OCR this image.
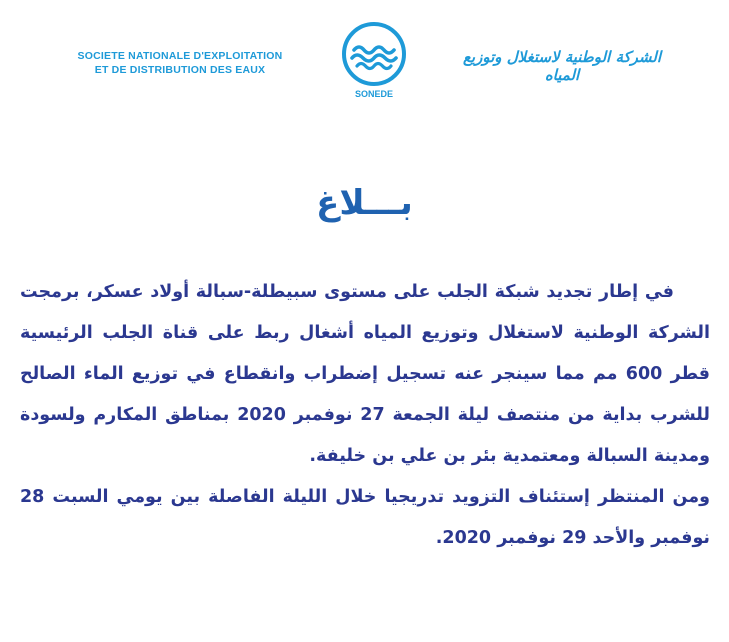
SOCIETE NATIONALE D'EXPLOITATION
ET DE DISTRIBUTION DES EAUX
SONEDE
الشركة الوطنية لاستغلال وتوزيع المياه
بـــلاغ

في إطار تجديد شبكة الجلب على مستوى سبيطلة-سبالة أولاد عسكر، برمجت الشركة الوطنية لاستغلال وتوزيع المياه أشغال ربط على قناة الجلب الرئيسية قطر 600 مم مما سينجر عنه تسجيل إضطراب وانقطاع في توزيع الماء الصالح للشرب بداية من منتصف ليلة الجمعة 27 نوفمبر 2020 بمناطق المكارم ولسودة ومدينة السبالة ومعتمدية بئر بن علي بن خليفة.

ومن المنتظر إستئناف التزويد تدريجيا خلال الليلة الفاصلة بين يومي السبت 28 نوفمبر والأحد 29 نوفمبر 2020.
